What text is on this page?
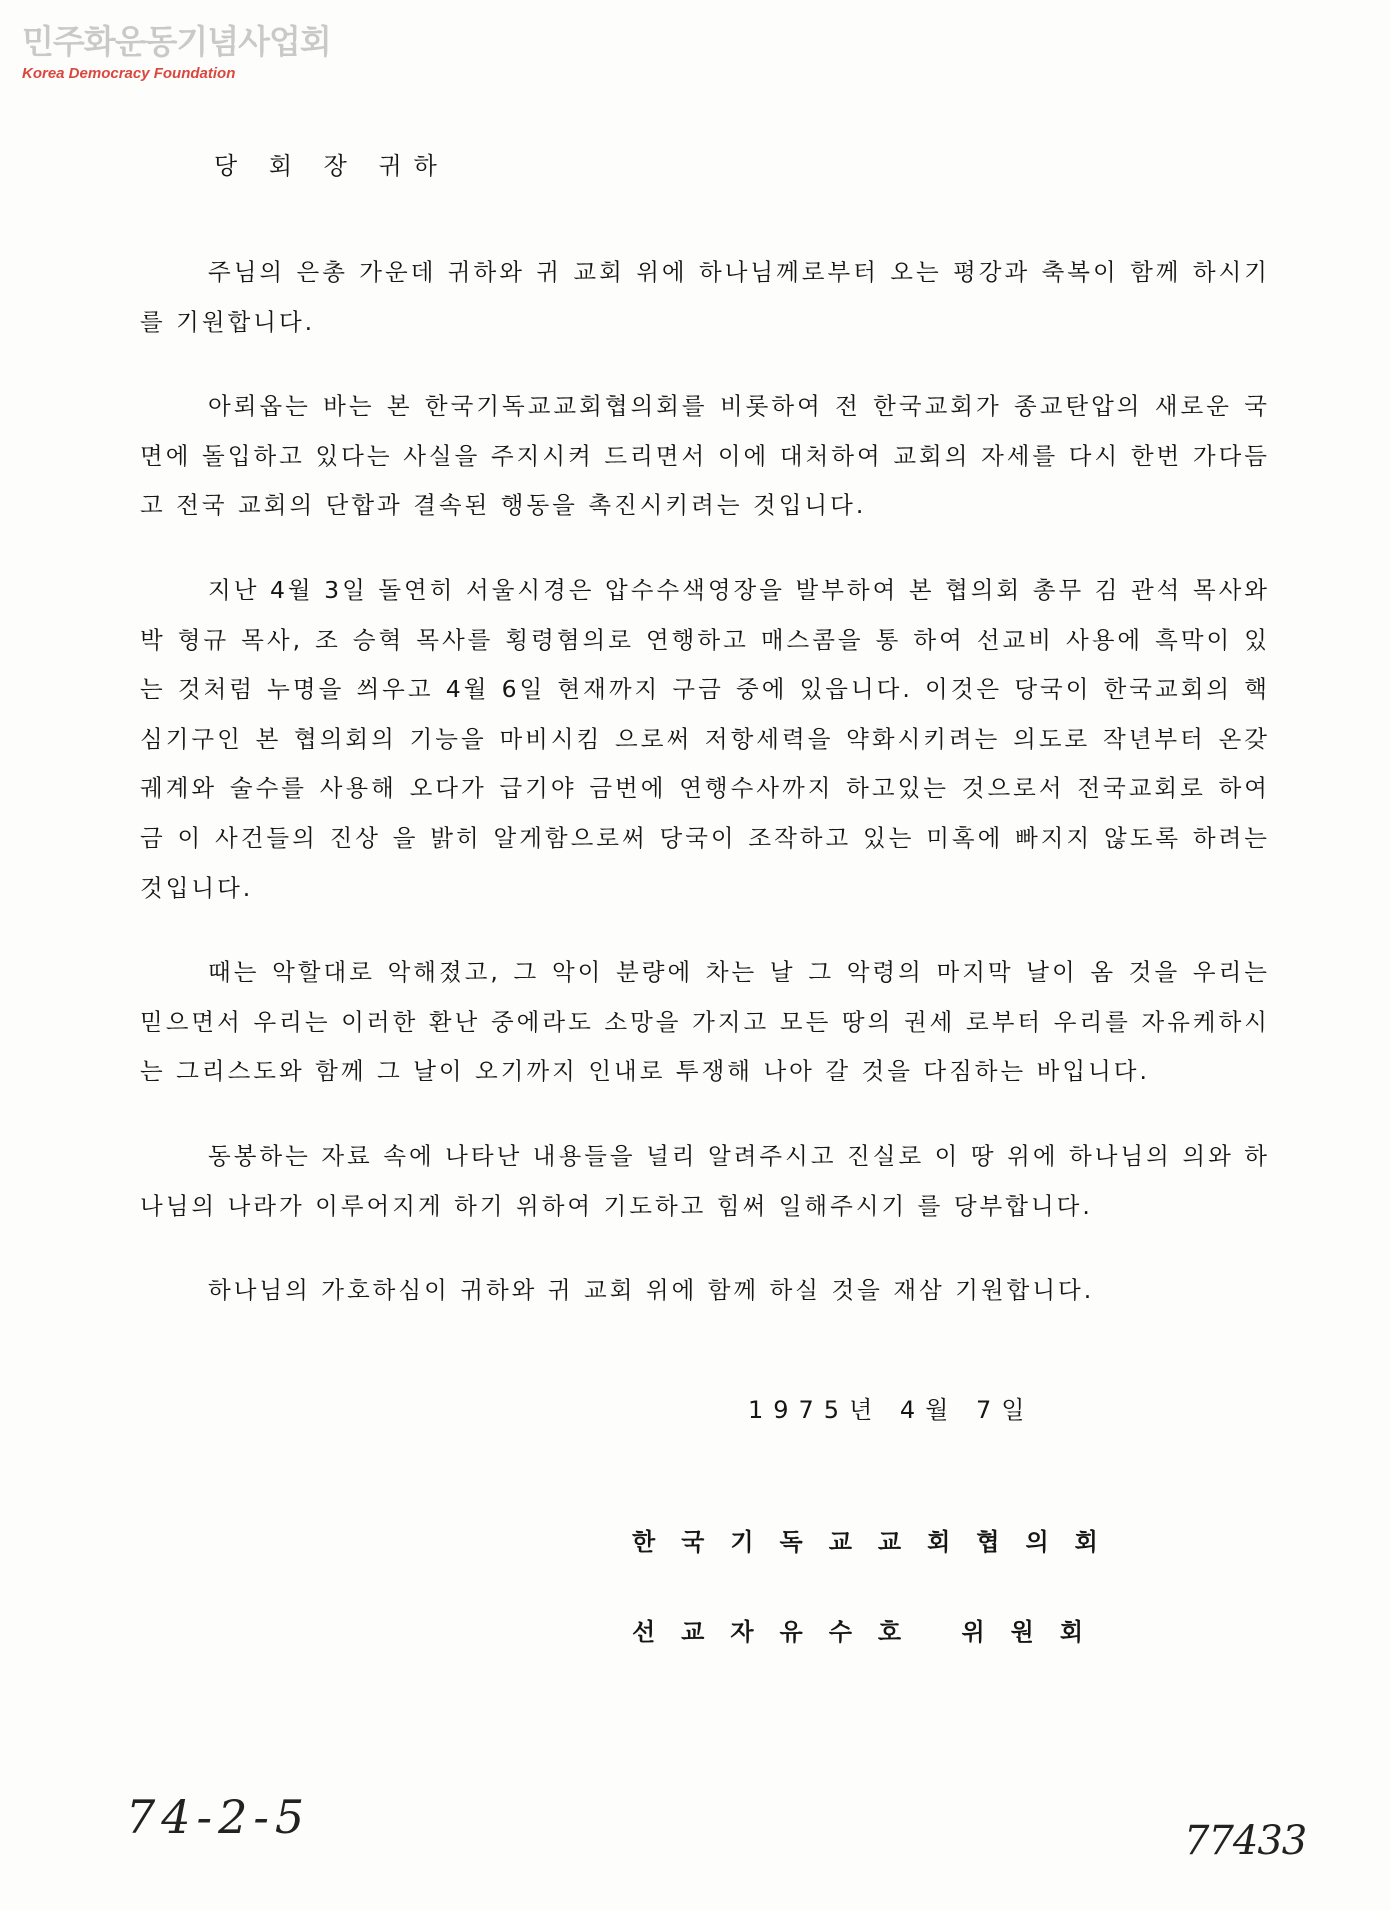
민주화운동기념사업회
Korea Democracy Foundation
당 회 장 귀하

주님의 은총 가운데 귀하와 귀 교회 위에 하나님께로부터 오는 평강과 축복이 함께 하시기를 기원합니다.

아뢰옵는 바는 본 한국기독교교회협의회를 비롯하여 전 한국교회가 종교탄압의 새로운 국면에 돌입하고 있다는 사실을 주지시켜 드리면서 이에 대처하여 교회의 자세를 다시 한번 가다듬고 전국 교회의 단합과 결속된 행동을 촉진시키려는 것입니다.

지난 4월 3일 돌연히 서울시경은 압수수색영장을 발부하여 본 협의회 총무 김 관석 목사와 박 형규 목사, 조 승혁 목사를 횡령혐의로 연행하고 매스콤을 통 하여 선교비 사용에 흑막이 있는 것처럼 누명을 씌우고 4월 6일 현재까지 구금 중에 있읍니다. 이것은 당국이 한국교회의 핵심기구인 본 협의회의 기능을 마비시킴 으로써 저항세력을 약화시키려는 의도로 작년부터 온갖 궤계와 술수를 사용해 오다가 급기야 금번에 연행수사까지 하고있는 것으로서 전국교회로 하여금 이 사건들의 진상 을 밝히 알게함으로써 당국이 조작하고 있는 미혹에 빠지지 않도록 하려는 것입니다.

때는 악할대로 악해졌고, 그 악이 분량에 차는 날 그 악령의 마지막 날이 옴 것을 우리는 믿으면서 우리는 이러한 환난 중에라도 소망을 가지고 모든 땅의 권세 로부터 우리를 자유케하시는 그리스도와 함께 그 날이 오기까지 인내로 투쟁해 나아 갈 것을 다짐하는 바입니다.

동봉하는 자료 속에 나타난 내용들을 널리 알려주시고 진실로 이 땅 위에 하나님의 의와 하나님의 나라가 이루어지게 하기 위하여 기도하고 힘써 일해주시기 를 당부합니다.

하나님의 가호하심이 귀하와 귀 교회 위에 함께 하실 것을 재삼 기원합니다.

1975년 4월 7일
한국기독교교회협의회
선교자유수호 위원회
74-2-5	77433
